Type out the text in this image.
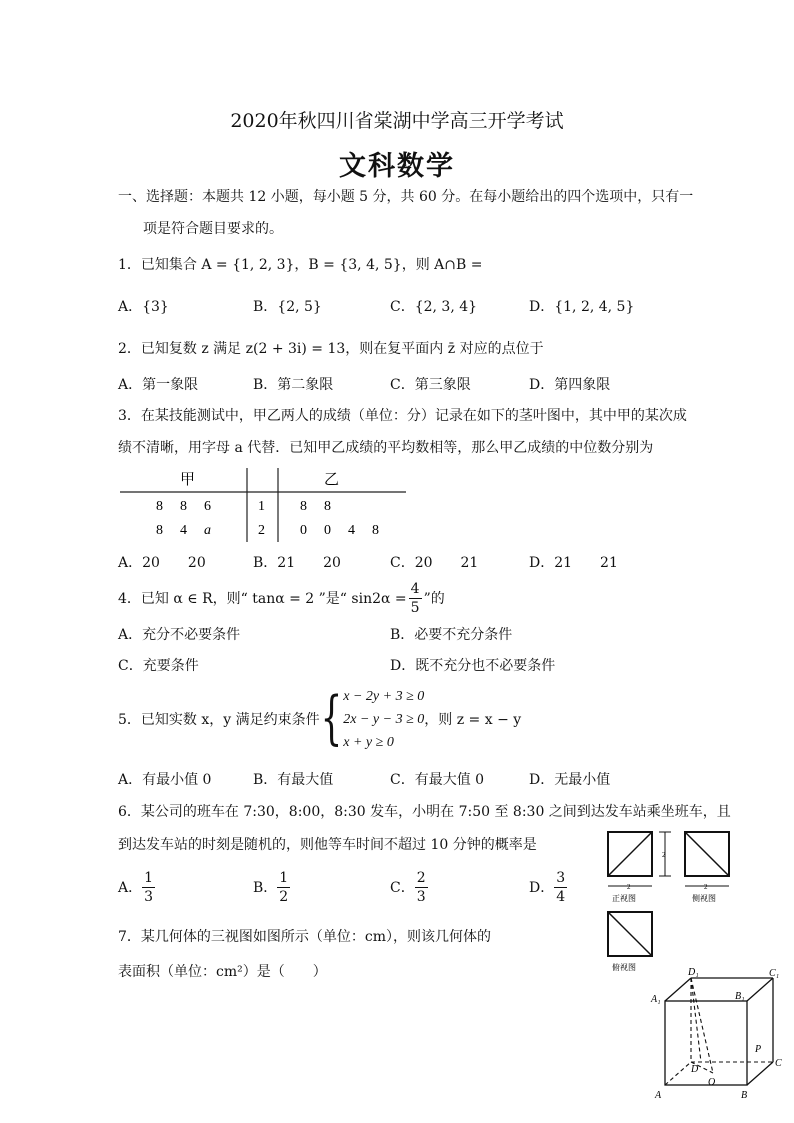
2020年秋四川省棠湖中学高三开学考试
文科数学
一、选择题：本题共 12 小题，每小题 5 分，共 60 分。在每小题给出的四个选项中，只有一
项是符合题目要求的。
1．已知集合 A = {1, 2, 3}，B = {3, 4, 5}，则 A∩B =
A．{3}	B．{2, 5}	C．{2, 3, 4}	D．{1, 2, 4, 5}
2．已知复数 z 满足 z(2 + 3i) = 13，则在复平面内 z̄ 对应的点位于
A．第一象限	B．第二象限	C．第三象限	D．第四象限
3．在某技能测试中，甲乙两人的成绩（单位：分）记录在如下的茎叶图中，其中甲的某次成
绩不清晰，用字母 a 代替．已知甲乙成绩的平均数相等，那么甲乙成绩的中位数分别为
甲	乙
8 8 6	1	8 8
8 4 a	2	0 0 4 8
A．20　　20	B．21　　20	C．20　　21	D．21　　21
4．已知 α ∈ R，则“ tanα = 2 ”是“ $\sin 2\alpha = \frac{4}{5}$ ”的
A．充分不必要条件	B．必要不充分条件
C．充要条件	D．既不充分也不必要条件
5．已知实数 x，y 满足约束条件 { x − 2y + 3 ≥ 0
2x − y − 3 ≥ 0
x + y ≥ 0
，则 z = x − y
A．有最小值 0	B．有最大值	C．有最大值 0	D．无最小值
6．某公司的班车在 7:30，8:00，8:30 发车，小明在 7:50 至 8:30 之间到达发车站乘坐班车，且
到达发车站的时刻是随机的，则他等车时间不超过 10 分钟的概率是
A． $\frac{1}{3}$	B． $\frac{1}{2}$	C． $\frac{2}{3}$	D． $\frac{3}{4}$
7．某几何体的三视图如图所示（单位：cm），则该几何体的
表面积（单位：cm²）是（　　）
2
2
正视图
2
侧视图
俯视图	D₁	C₁
A₁	B₁
P
D
C
O
A	B
